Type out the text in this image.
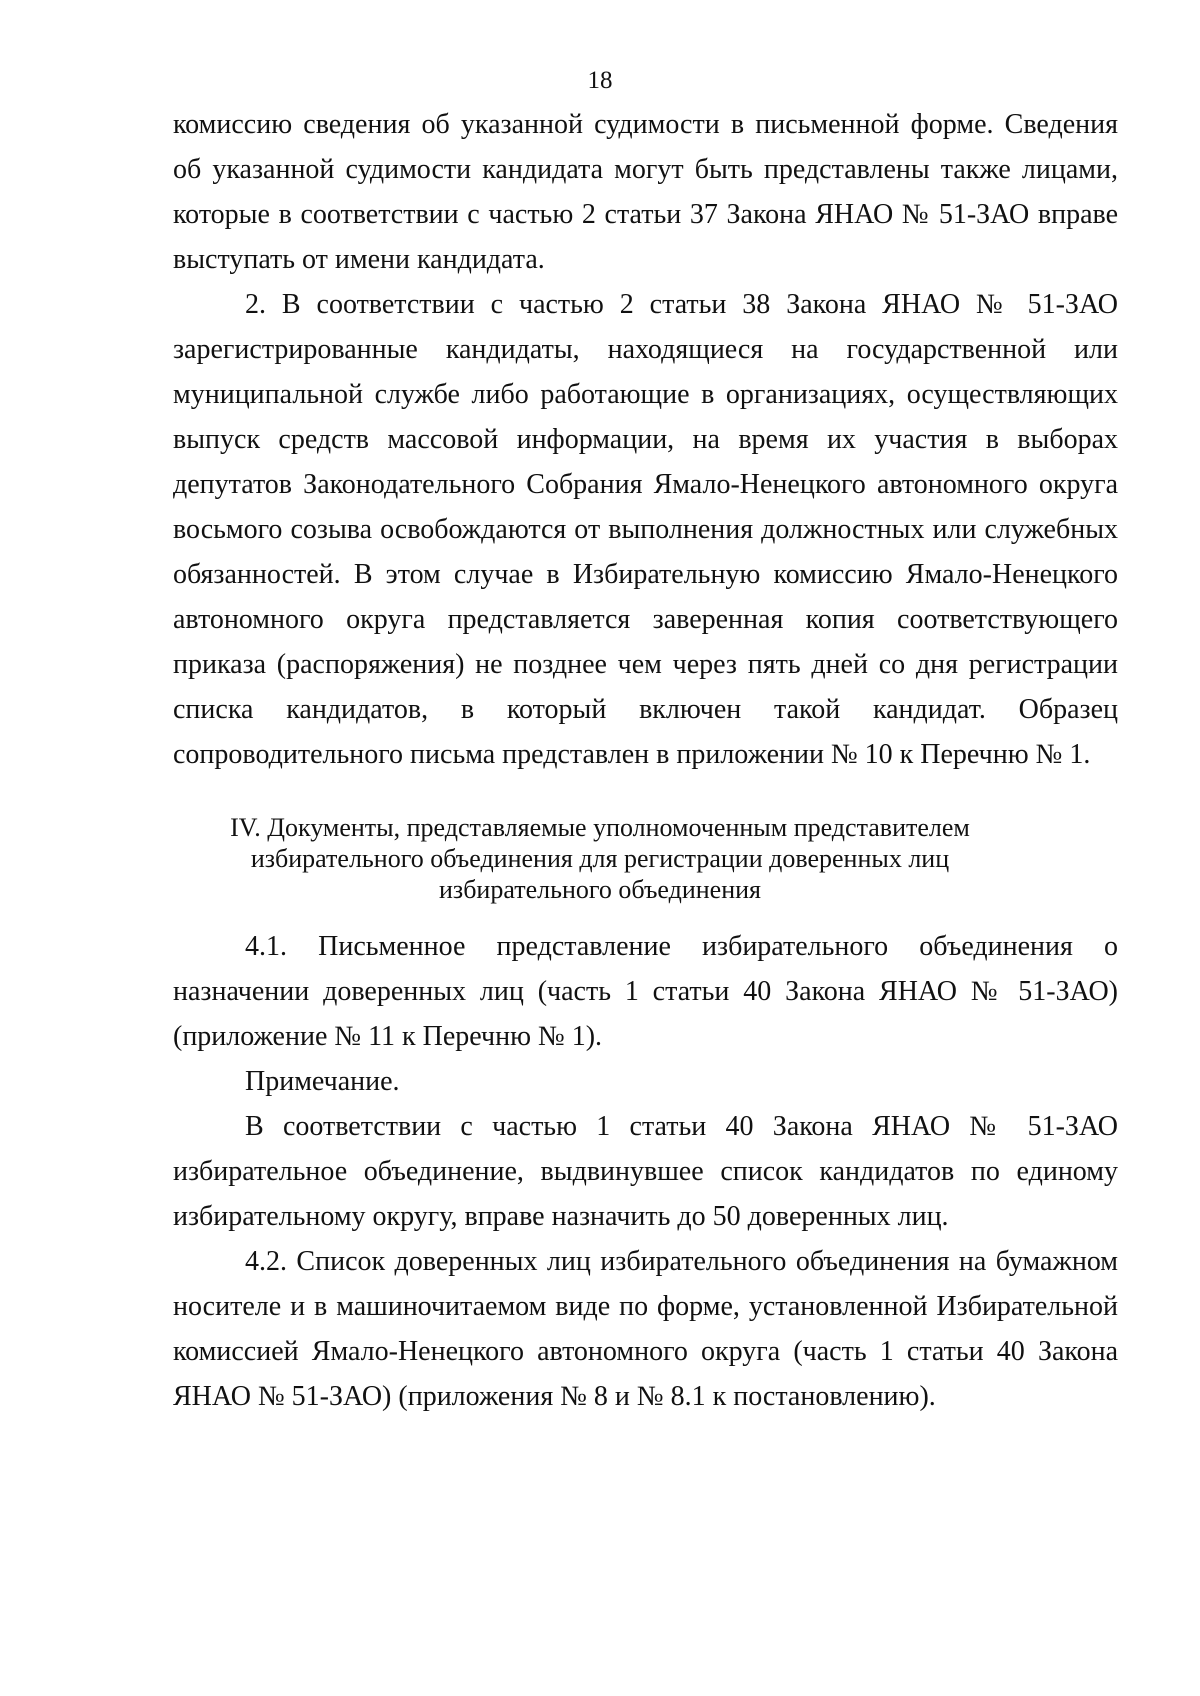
18
комиссию сведения об указанной судимости в письменной форме. Сведения
об указанной судимости кандидата могут быть представлены также лицами,
которые в соответствии с частью 2 статьи 37 Закона ЯНАО № 51-ЗАО вправе
выступать от имени кандидата.
2. В соответствии с частью 2 статьи 38 Закона ЯНАО № 51-ЗАО
зарегистрированные кандидаты, находящиеся на государственной или
муниципальной службе либо работающие в организациях, осуществляющих
выпуск средств массовой информации, на время их участия в выборах
депутатов Законодательного Собрания Ямало-Ненецкого автономного округа
восьмого созыва освобождаются от выполнения должностных или служебных
обязанностей. В этом случае в Избирательную комиссию Ямало-Ненецкого
автономного округа представляется заверенная копия соответствующего
приказа (распоряжения) не позднее чем через пять дней со дня регистрации
списка кандидатов, в который включен такой кандидат. Образец
сопроводительного письма представлен в приложении № 10 к Перечню № 1.
IV. Документы, представляемые уполномоченным представителем
избирательного объединения для регистрации доверенных лиц
избирательного объединения
4.1. Письменное представление избирательного объединения о
назначении доверенных лиц (часть 1 статьи 40 Закона ЯНАО № 51-ЗАО)
(приложение № 11 к Перечню № 1).
Примечание.
В соответствии с частью 1 статьи 40 Закона ЯНАО № 51-ЗАО
избирательное объединение, выдвинувшее список кандидатов по единому
избирательному округу, вправе назначить до 50 доверенных лиц.
4.2. Список доверенных лиц избирательного объединения на бумажном
носителе и в машиночитаемом виде по форме, установленной Избирательной
комиссией Ямало-Ненецкого автономного округа (часть 1 статьи 40 Закона
ЯНАО № 51-ЗАО) (приложения № 8 и № 8.1 к постановлению).
